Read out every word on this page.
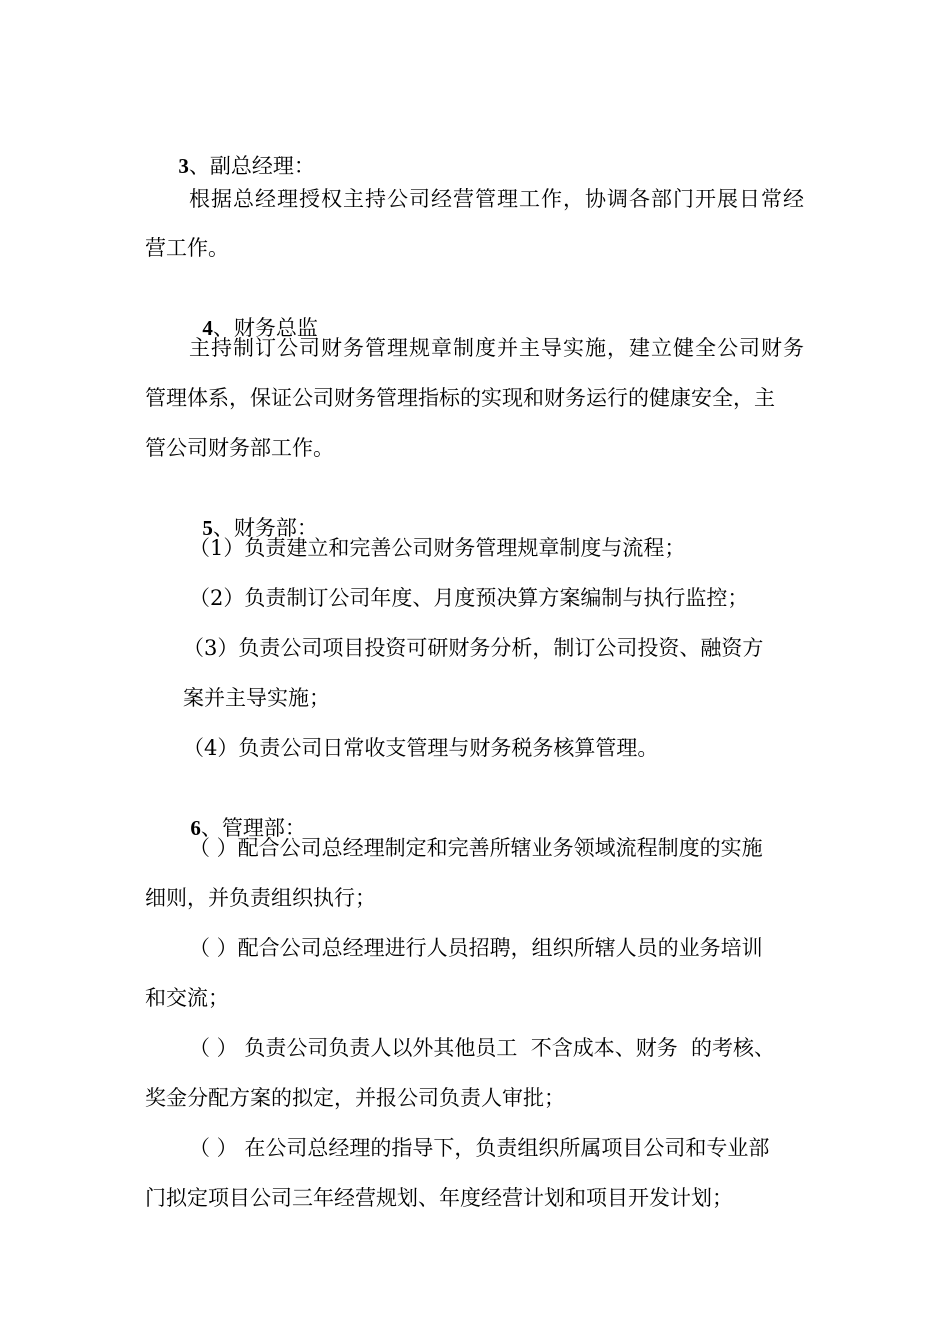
3、副总经理：

根据总经理授权主持公司经营管理工作，协调各部门开展日常经
营工作。

4、财务总监

主持制订公司财务管理规章制度并主导实施，建立健全公司财务
管理体系，保证公司财务管理指标的实现和财务运行的健康安全，主
管公司财务部工作。

5、财务部：

（1）负责建立和完善公司财务管理规章制度与流程；
（2）负责制订公司年度、月度预决算方案编制与执行监控；
（3）负责公司项目投资可研财务分析，制订公司投资、融资方
案并主导实施；
（4）负责公司日常收支管理与财务税务核算管理。

6、管理部：

（ ）配合公司总经理制定和完善所辖业务领域流程制度的实施
细则，并负责组织执行；
（ ）配合公司总经理进行人员招聘，组织所辖人员的业务培训
和交流；
（ ） 负责公司负责人以外其他员工  不含成本、财务  的考核、
奖金分配方案的拟定，并报公司负责人审批；
（ ） 在公司总经理的指导下，负责组织所属项目公司和专业部
门拟定项目公司三年经营规划、年度经营计划和项目开发计划；
